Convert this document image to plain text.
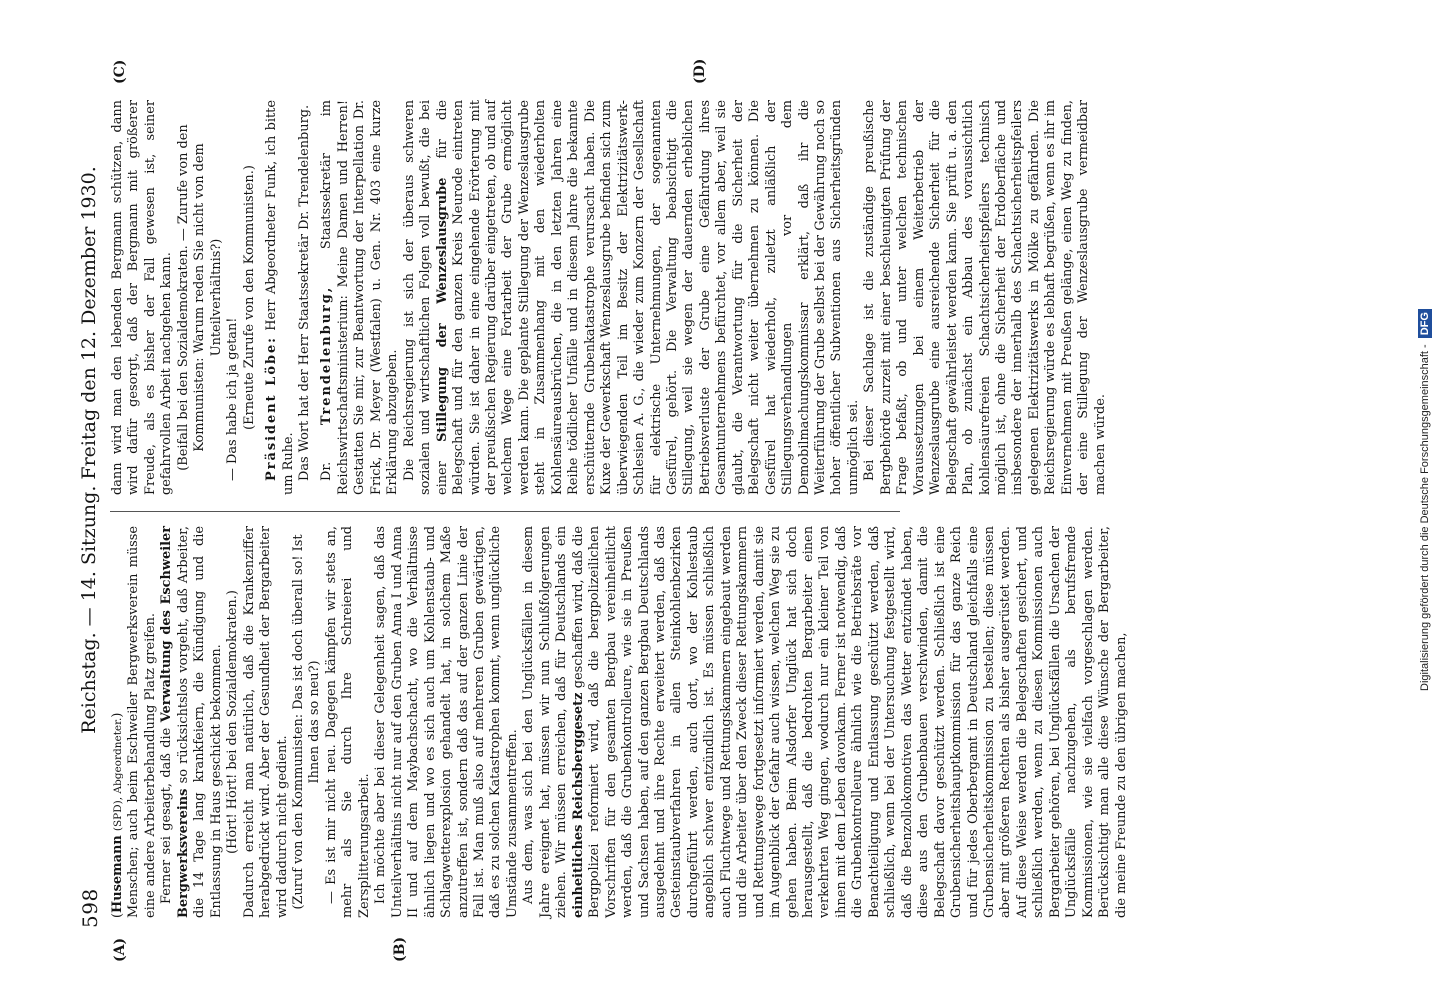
598
Reichstag. — 14. Sitzung. Freitag den 12. Dezember 1930.
(A)	(B)
(C)	(D)

(Husemann (SPD), Abgeordneter.) Menschen; auch beim Eschweiler Bergwerksverein müsse eine andere Arbeiterbehandlung Platz greifen. Ferner sei gesagt, daß die Verwaltung des Eschweiler Bergwerksvereins so rücksichtslos vorgeht, daß Arbeiter, die 14 Tage lang krankfeiern, die Kündigung und die Entlassung in Haus geschickt bekommen. (Hört! Hört! bei den Sozialdemokraten.) Dadurch erreicht man natürlich, daß die Krankenziffer herabgedrückt wird. Aber der Gesundheit der Bergarbeiter wird dadurch nicht gedient. (Zuruf von den Kommunisten: Das ist doch überall so! Ist Ihnen das so neu?) — Es ist mir nicht neu. Dagegen kämpfen wir stets an, mehr als Sie durch Ihre Schreierei und Zersplitterungsarbeit. Ich möchte aber bei dieser Gelegenheit sagen, daß das Unteilverhältnis nicht nur auf den Gruben Anna I und Anna II und auf dem Maybachschacht, wo die Verhältnisse ähnlich liegen und wo es sich auch um Kohlenstaub- und Schlagwetterexplosion gehandelt hat, in solchem Maße anzutreffen ist, sondern daß das auf der ganzen Linie der Fall ist. Man muß also auf mehreren Gruben gewärtigen, daß es zu solchen Katastrophen kommt, wenn unglückliche Umstände zusammentreffen. Aus dem, was sich bei den Unglücksfällen in diesem Jahre ereignet hat, müssen wir nun Schlußfolgerungen ziehen. Wir müssen erreichen, daß für Deutschlands ein einheitliches Reichsberggesetz geschaffen wird, daß die Bergpolizei reformiert wird, daß die bergpolizeilichen Vorschriften für den gesamten Bergbau vereinheitlicht werden, daß die Grubenkontrolleure, wie sie in Preußen und Sachsen haben, auf den ganzen Bergbau Deutschlands ausgedehnt und ihre Rechte erweitert werden, daß das Gesteinstaubverfahren in allen Steinkohlenbezirken durchgeführt werden, auch dort, wo der Kohlestaub angeblich schwer entzündlich ist. Es müssen schließlich auch Fluchtwege und Rettungskammern eingebaut werden und die Arbeiter über den Zweck dieser Rettungskammern und Rettungswege fortgesetzt informiert werden, damit sie im Augenblick der Gefahr auch wissen, welchen Weg sie zu gehen haben. Beim Alsdorfer Unglück hat sich doch herausgestellt, daß die bedrohten Bergarbeiter einen verkehrten Weg gingen, wodurch nur ein kleiner Teil von ihnen mit dem Leben davonkam. Ferner ist notwendig, daß die Grubenkontrolleure ähnlich wie die Betriebsräte vor Benachteiligung und Entlassung geschützt werden, daß schließlich, wenn bei der Untersuchung festgestellt wird, daß die Benzollokomotiven das Wetter entzündet haben, diese aus den Grubenbauen verschwinden, damit die Belegschaft davor geschützt werden. Schließlich ist eine Grubensicherheitshauptkommission für das ganze Reich und für jedes Oberbergamt in Deutschland gleichfalls eine Grubensicherheitskommission zu bestellen; diese müssen aber mit größeren Rechten als bisher ausgerüstet werden. Auf diese Weise werden die Belegschaften gesichert, und schließlich werden, wenn zu diesen Kommissionen auch Bergarbeiter gehören, bei Unglücksfällen die Ursachen der Unglücksfälle nachzugehen, als berufsfremde Kommissionen, wie sie vielfach vorgeschlagen werden. Berücksichtigt man alle diese Wünsche der Bergarbeiter, die meine Freunde zu den übrigen machen,

dann wird man den lebenden Bergmann schützen, dann wird dafür gesorgt, daß der Bergmann mit größerer Freude, als es bisher der Fall gewesen ist, seiner gefahrvollen Arbeit nachgehen kann. (Beifall bei den Sozialdemokraten. — Zurufe von den Kommunisten: Warum reden Sie nicht von dem Unteilverhältnis?)

— Das habe ich ja getan! (Erneute Zurufe von den Kommunisten.) Präsident Löbe: Herr Abgeordneter Funk, ich bitte um Ruhe. Das Wort hat der Herr Staatssekretär Dr. Trendelenburg. Dr. Trendelenburg, Staatssekretär im Reichswirtschaftsministerium: Meine Damen und Herren! Gestatten Sie mir, zur Beantwortung der Interpellation Dr. Frick, Dr. Meyer (Westfalen) u. Gen. Nr. 403 eine kurze Erklärung abzugeben. Die Reichsregierung ist sich der überaus schweren sozialen und wirtschaftlichen Folgen voll bewußt, die bei einer Stillegung der Wenzeslausgrube für die Belegschaft und für den ganzen Kreis Neurode eintreten würden. Sie ist daher in eine eingehende Erörterung mit der preußischen Regierung darüber eingetreten, ob und auf welchem Wege eine Fortarbeit der Grube ermöglicht werden kann. Die geplante Stillegung der Wenzeslausgrube steht in Zusammenhang mit den wiederholten Kohlensäureausbrüchen, die in den letzten Jahren eine Reihe tödlicher Unfälle und in diesem Jahre die bekannte erschütternde Grubenkatastrophe verursacht haben. Die Kuxe der Gewerkschaft Wenzeslausgrube befinden sich zum überwiegenden Teil im Besitz der Elektrizitätswerk-Schlesien A. G., die wieder zum Konzern der Gesellschaft für elektrische Unternehmungen, der sogenannten Gesfürel, gehört. Die Verwaltung beabsichtigt die Stillegung, weil sie wegen der dauernden erheblichen Betriebsverluste der Grube eine Gefährdung ihres Gesamtunternehmens befürchtet, vor allem aber, weil sie glaubt, die Verantwortung für die Sicherheit der Belegschaft nicht weiter übernehmen zu können. Die Gesfürel hat wiederholt, zuletzt anläßlich der Stillegungsverhandlungen vor dem Demobilmachungskommissar erklärt, daß ihr die Weiterführung der Grube selbst bei der Gewährung noch so hoher öffentlicher Subventionen aus Sicherheitsgründen unmöglich sei. Bei dieser Sachlage ist die zuständige preußische Bergbehörde zurzeit mit einer beschleunigten Prüfung der Frage befaßt, ob und unter welchen technischen Voraussetzungen bei einem Weiterbetrieb der Wenzeslausgrube eine ausreichende Sicherheit für die Belegschaft gewährleistet werden kann. Sie prüft u. a. den Plan, ob zunächst ein Abbau des voraussichtlich kohlensäurefreien Schachtsicherheitspfeilers technisch möglich ist, ohne die Sicherheit der Erdoberfläche und insbesondere der innerhalb des Schachtsicherheitspfeilers gelegenen Elektrizitätswerks in Mölke zu gefährden. Die Reichsregierung würde es lebhaft begrüßen, wenn es ihr im Einvernehmen mit Preußen gelänge, einen Weg zu finden, der eine Stillegung der Wenzeslausgrube vermeidbar machen würde.	Digitalisierung gefördert durch die Deutsche Forschungsgemeinschaft -DFG
